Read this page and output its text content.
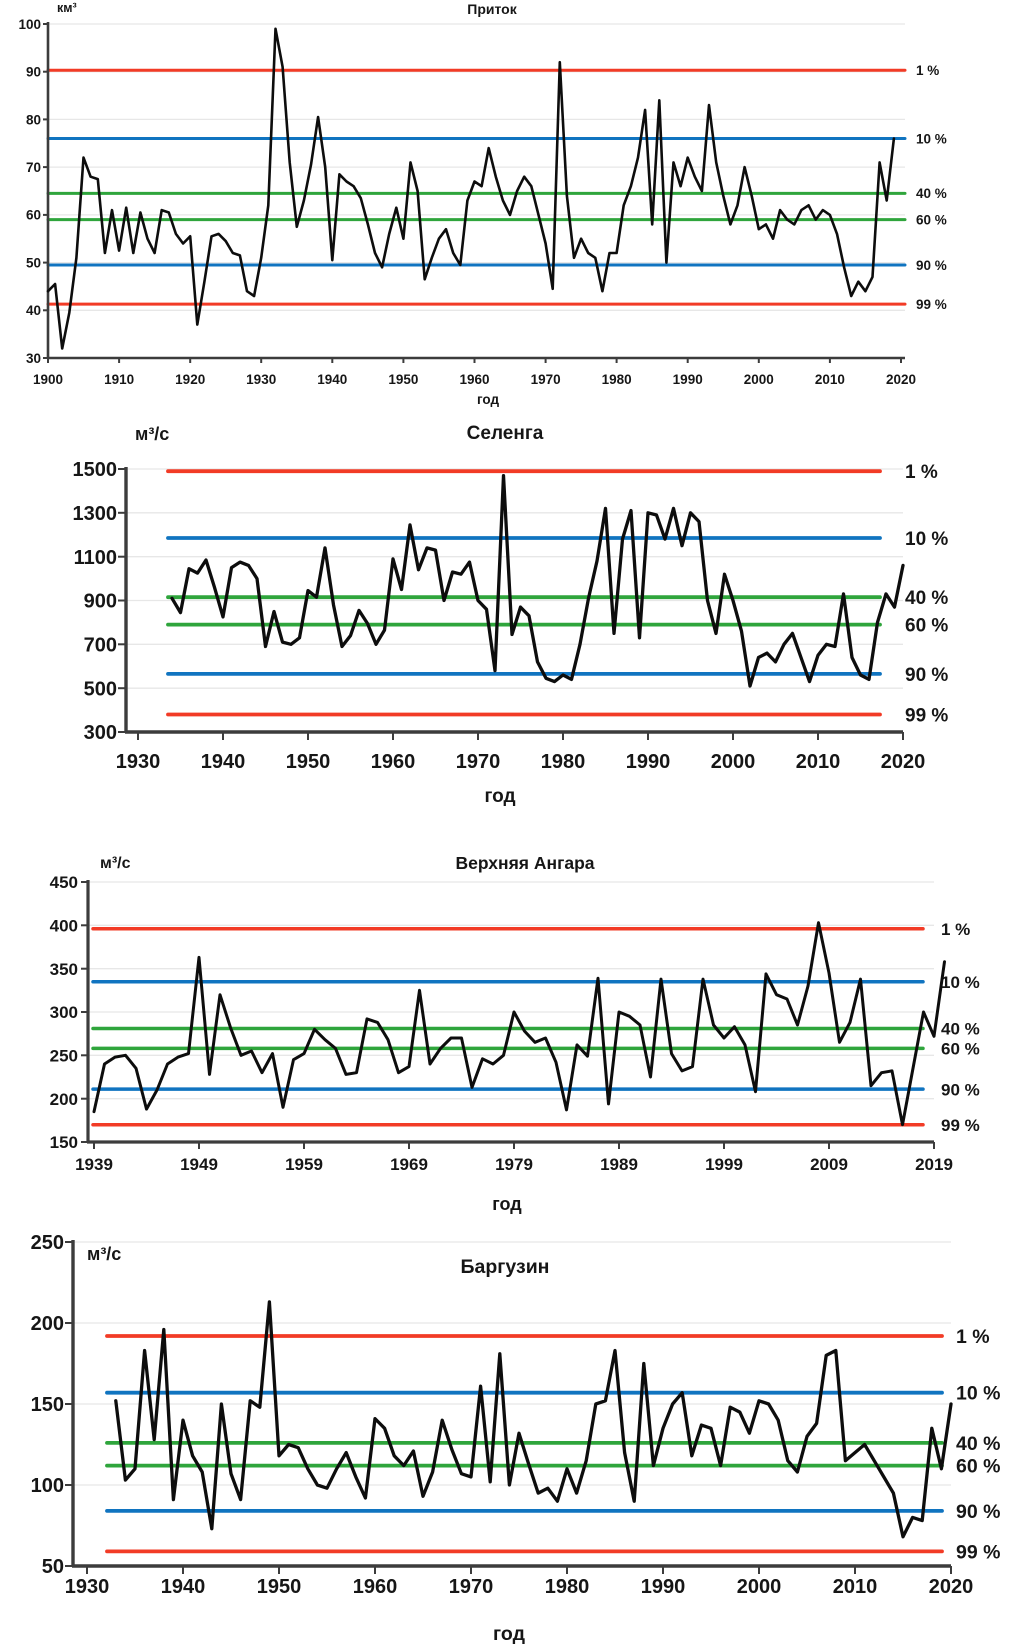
1 %
10 %
40 %
60 %
90 %
99 %
30
40
50
60
70
80
90
100
1900	1910	1920	1930	1940	1950	1960	1970	1980	1990	2000	2010	2020
1 %
10 %
40 %
60 %
90 %
99 %
300
500
700
900
1100
1300
1500
1930 1940 1950 1960 1970 1980 1990 2000 2010 2020
1 %
10 %
40 %
60 %
90 %
99 %
150
200
250
300
350
400
450
1939	1949	1959	1969	1979	1989	1999	2009	2019
1 %
10 %
40 %
60 %
90 %
99 %
50
100
150
200
250
1930	1940	1950	1960	1970	1980	1990	2000	2010	2020
Приток
Селенга
Верхняя Ангара
Баргузин
км³
м³/с
м³/с
м³/с
год
год
год
год
